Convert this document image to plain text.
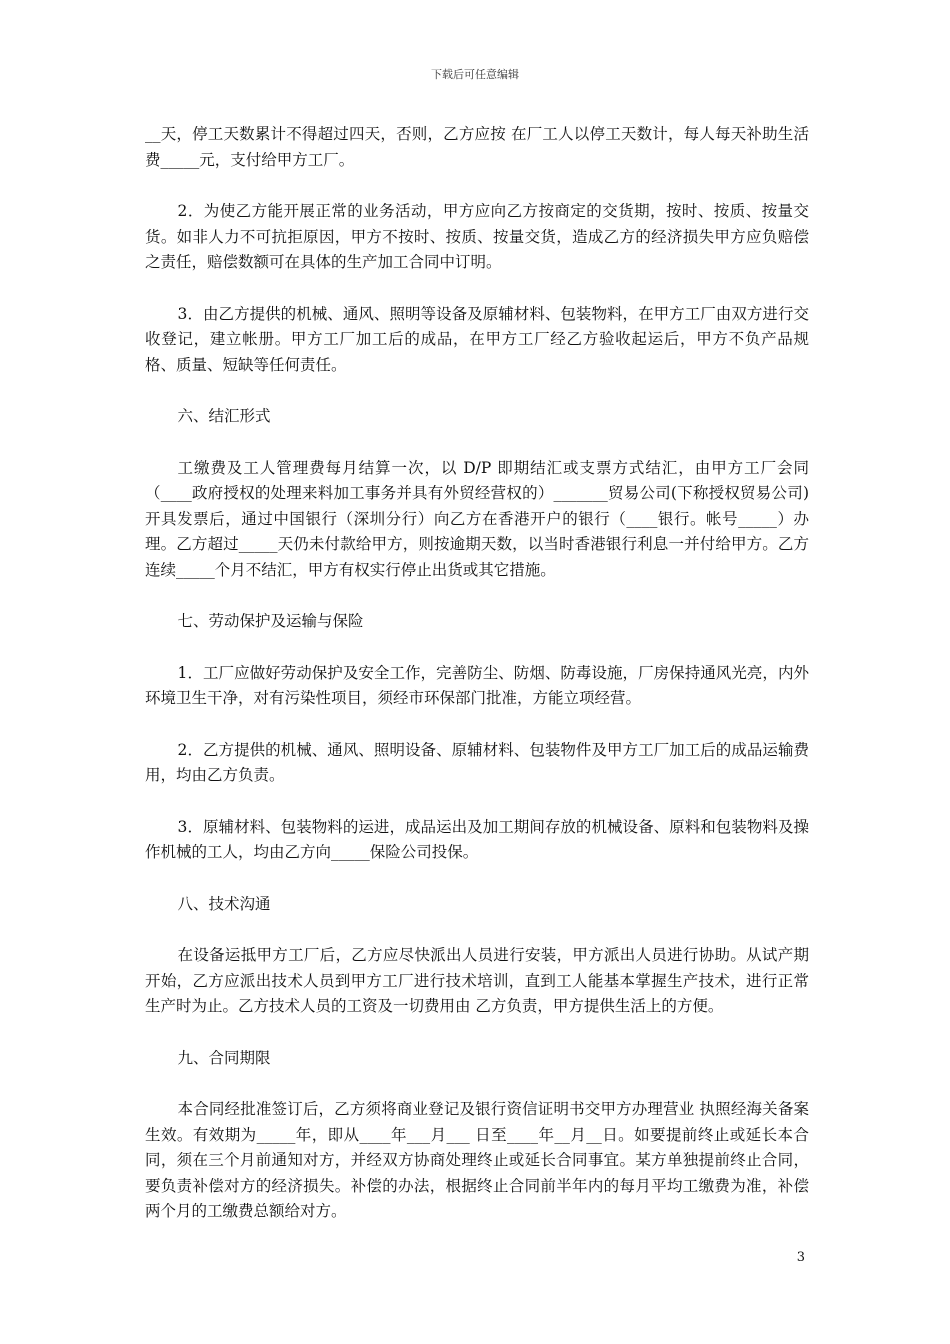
下载后可任意编辑

__天，停工天数累计不得超过四天，否则，乙方应按 在厂工人以停工天数计，每人每天补助生活费_____元，支付给甲方工厂。

2．为使乙方能开展正常的业务活动，甲方应向乙方按商定的交货期，按时、按质、按量交货。如非人力不可抗拒原因，甲方不按时、按质、按量交货，造成乙方的经济损失甲方应负赔偿之责任，赔偿数额可在具体的生产加工合同中订明。

3．由乙方提供的机械、通风、照明等设备及原辅材料、包装物料，在甲方工厂由双方进行交收登记，建立帐册。甲方工厂加工后的成品，在甲方工厂经乙方验收起运后，甲方不负产品规格、质量、短缺等任何责任。

六、结汇形式

工缴费及工人管理费每月结算一次，以 D/P 即期结汇或支票方式结汇，由甲方工厂会同（____政府授权的处理来料加工事务并具有外贸经营权的）_______贸易公司(下称授权贸易公司)开具发票后，通过中国银行（深圳分行）向乙方在香港开户的银行（____银行。帐号_____）办理。乙方超过_____天仍未付款给甲方，则按逾期天数，以当时香港银行利息一并付给甲方。乙方连续_____个月不结汇，甲方有权实行停止出货或其它措施。

七、劳动保护及运输与保险

1．工厂应做好劳动保护及安全工作，完善防尘、防烟、防毒设施，厂房保持通风光亮，内外环境卫生干净，对有污染性项目，须经市环保部门批准，方能立项经营。

2．乙方提供的机械、通风、照明设备、原辅材料、包装物件及甲方工厂加工后的成品运输费用，均由乙方负责。

3．原辅材料、包装物料的运进，成品运出及加工期间存放的机械设备、原料和包装物料及操作机械的工人，均由乙方向_____保险公司投保。

八、技术沟通

在设备运抵甲方工厂后，乙方应尽快派出人员进行安装，甲方派出人员进行协助。从试产期开始，乙方应派出技术人员到甲方工厂进行技术培训，直到工人能基本掌握生产技术，进行正常生产时为止。乙方技术人员的工资及一切费用由 乙方负责，甲方提供生活上的方便。

九、合同期限

本合同经批准签订后，乙方须将商业登记及银行资信证明书交甲方办理营业 执照经海关备案生效。有效期为_____年，即从____年___月___ 日至____年__月__日。如要提前终止或延长本合同，须在三个月前通知对方，并经双方协商处理终止或延长合同事宜。某方单独提前终止合同，要负责补偿对方的经济损失。补偿的办法，根据终止合同前半年内的每月平均工缴费为准，补偿两个月的工缴费总额给对方。

3
